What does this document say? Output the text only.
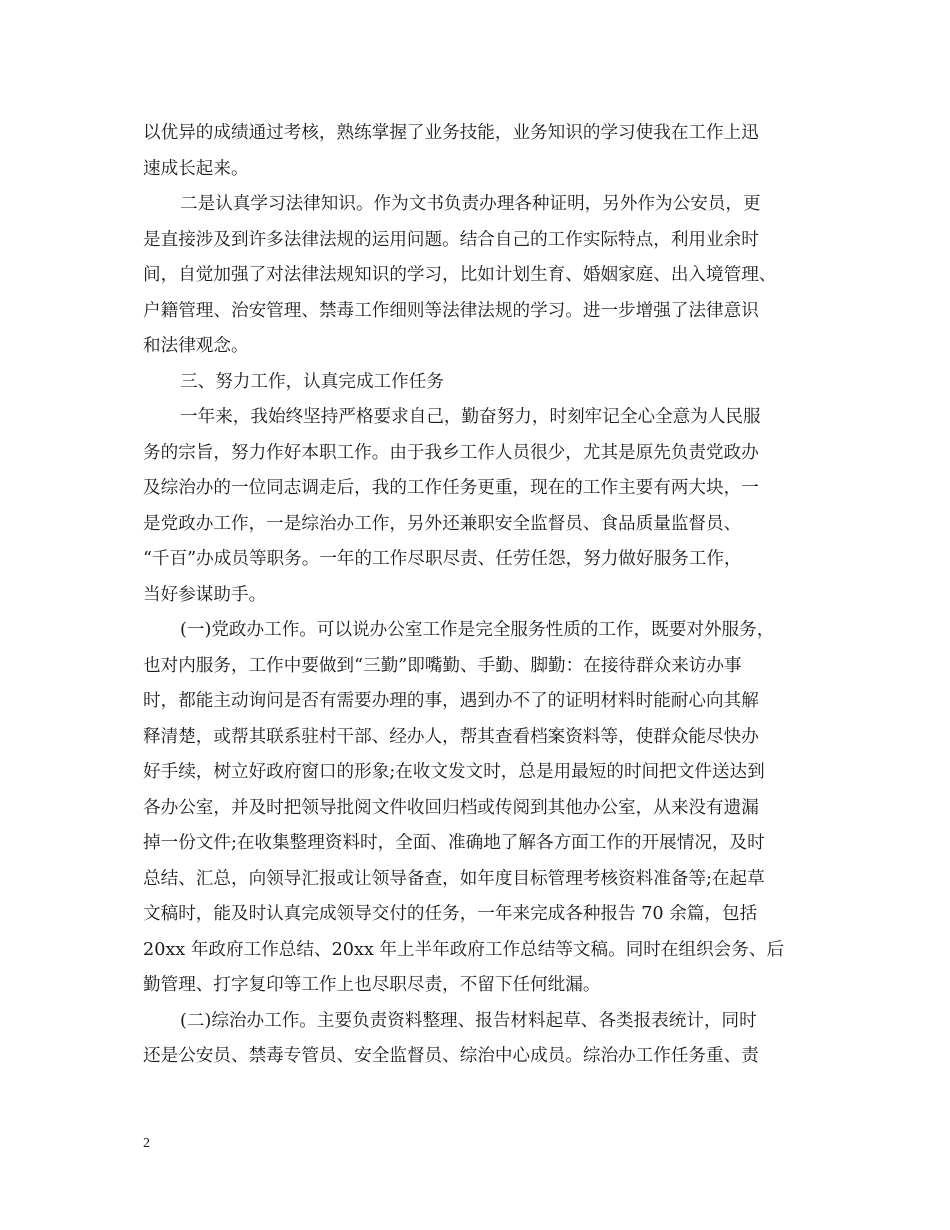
以优异的成绩通过考核，熟练掌握了业务技能，业务知识的学习使我在工作上迅
速成长起来。
二是认真学习法律知识。作为文书负责办理各种证明，另外作为公安员，更
是直接涉及到许多法律法规的运用问题。结合自己的工作实际特点，利用业余时
间，自觉加强了对法律法规知识的学习，比如计划生育、婚姻家庭、出入境管理、
户籍管理、治安管理、禁毒工作细则等法律法规的学习。进一步增强了法律意识
和法律观念。
三、努力工作，认真完成工作任务
一年来，我始终坚持严格要求自己，勤奋努力，时刻牢记全心全意为人民服
务的宗旨，努力作好本职工作。由于我乡工作人员很少，尤其是原先负责党政办
及综治办的一位同志调走后，我的工作任务更重，现在的工作主要有两大块，一
是党政办工作，一是综治办工作，另外还兼职安全监督员、食品质量监督员、
“千百”办成员等职务。一年的工作尽职尽责、任劳任怨，努力做好服务工作，
当好参谋助手。
(一)党政办工作。可以说办公室工作是完全服务性质的工作，既要对外服务，
也对内服务，工作中要做到“三勤”即嘴勤、手勤、脚勤：在接待群众来访办事
时，都能主动询问是否有需要办理的事，遇到办不了的证明材料时能耐心向其解
释清楚，或帮其联系驻村干部、经办人，帮其查看档案资料等，使群众能尽快办
好手续，树立好政府窗口的形象;在收文发文时，总是用最短的时间把文件送达到
各办公室，并及时把领导批阅文件收回归档或传阅到其他办公室，从来没有遗漏
掉一份文件;在收集整理资料时，全面、准确地了解各方面工作的开展情况，及时
总结、汇总，向领导汇报或让领导备查，如年度目标管理考核资料准备等;在起草
文稿时，能及时认真完成领导交付的任务，一年来完成各种报告 70 余篇，包括
20xx 年政府工作总结、20xx 年上半年政府工作总结等文稿。同时在组织会务、后
勤管理、打字复印等工作上也尽职尽责，不留下任何纰漏。
(二)综治办工作。主要负责资料整理、报告材料起草、各类报表统计，同时
还是公安员、禁毒专管员、安全监督员、综治中心成员。综治办工作任务重、责
2
